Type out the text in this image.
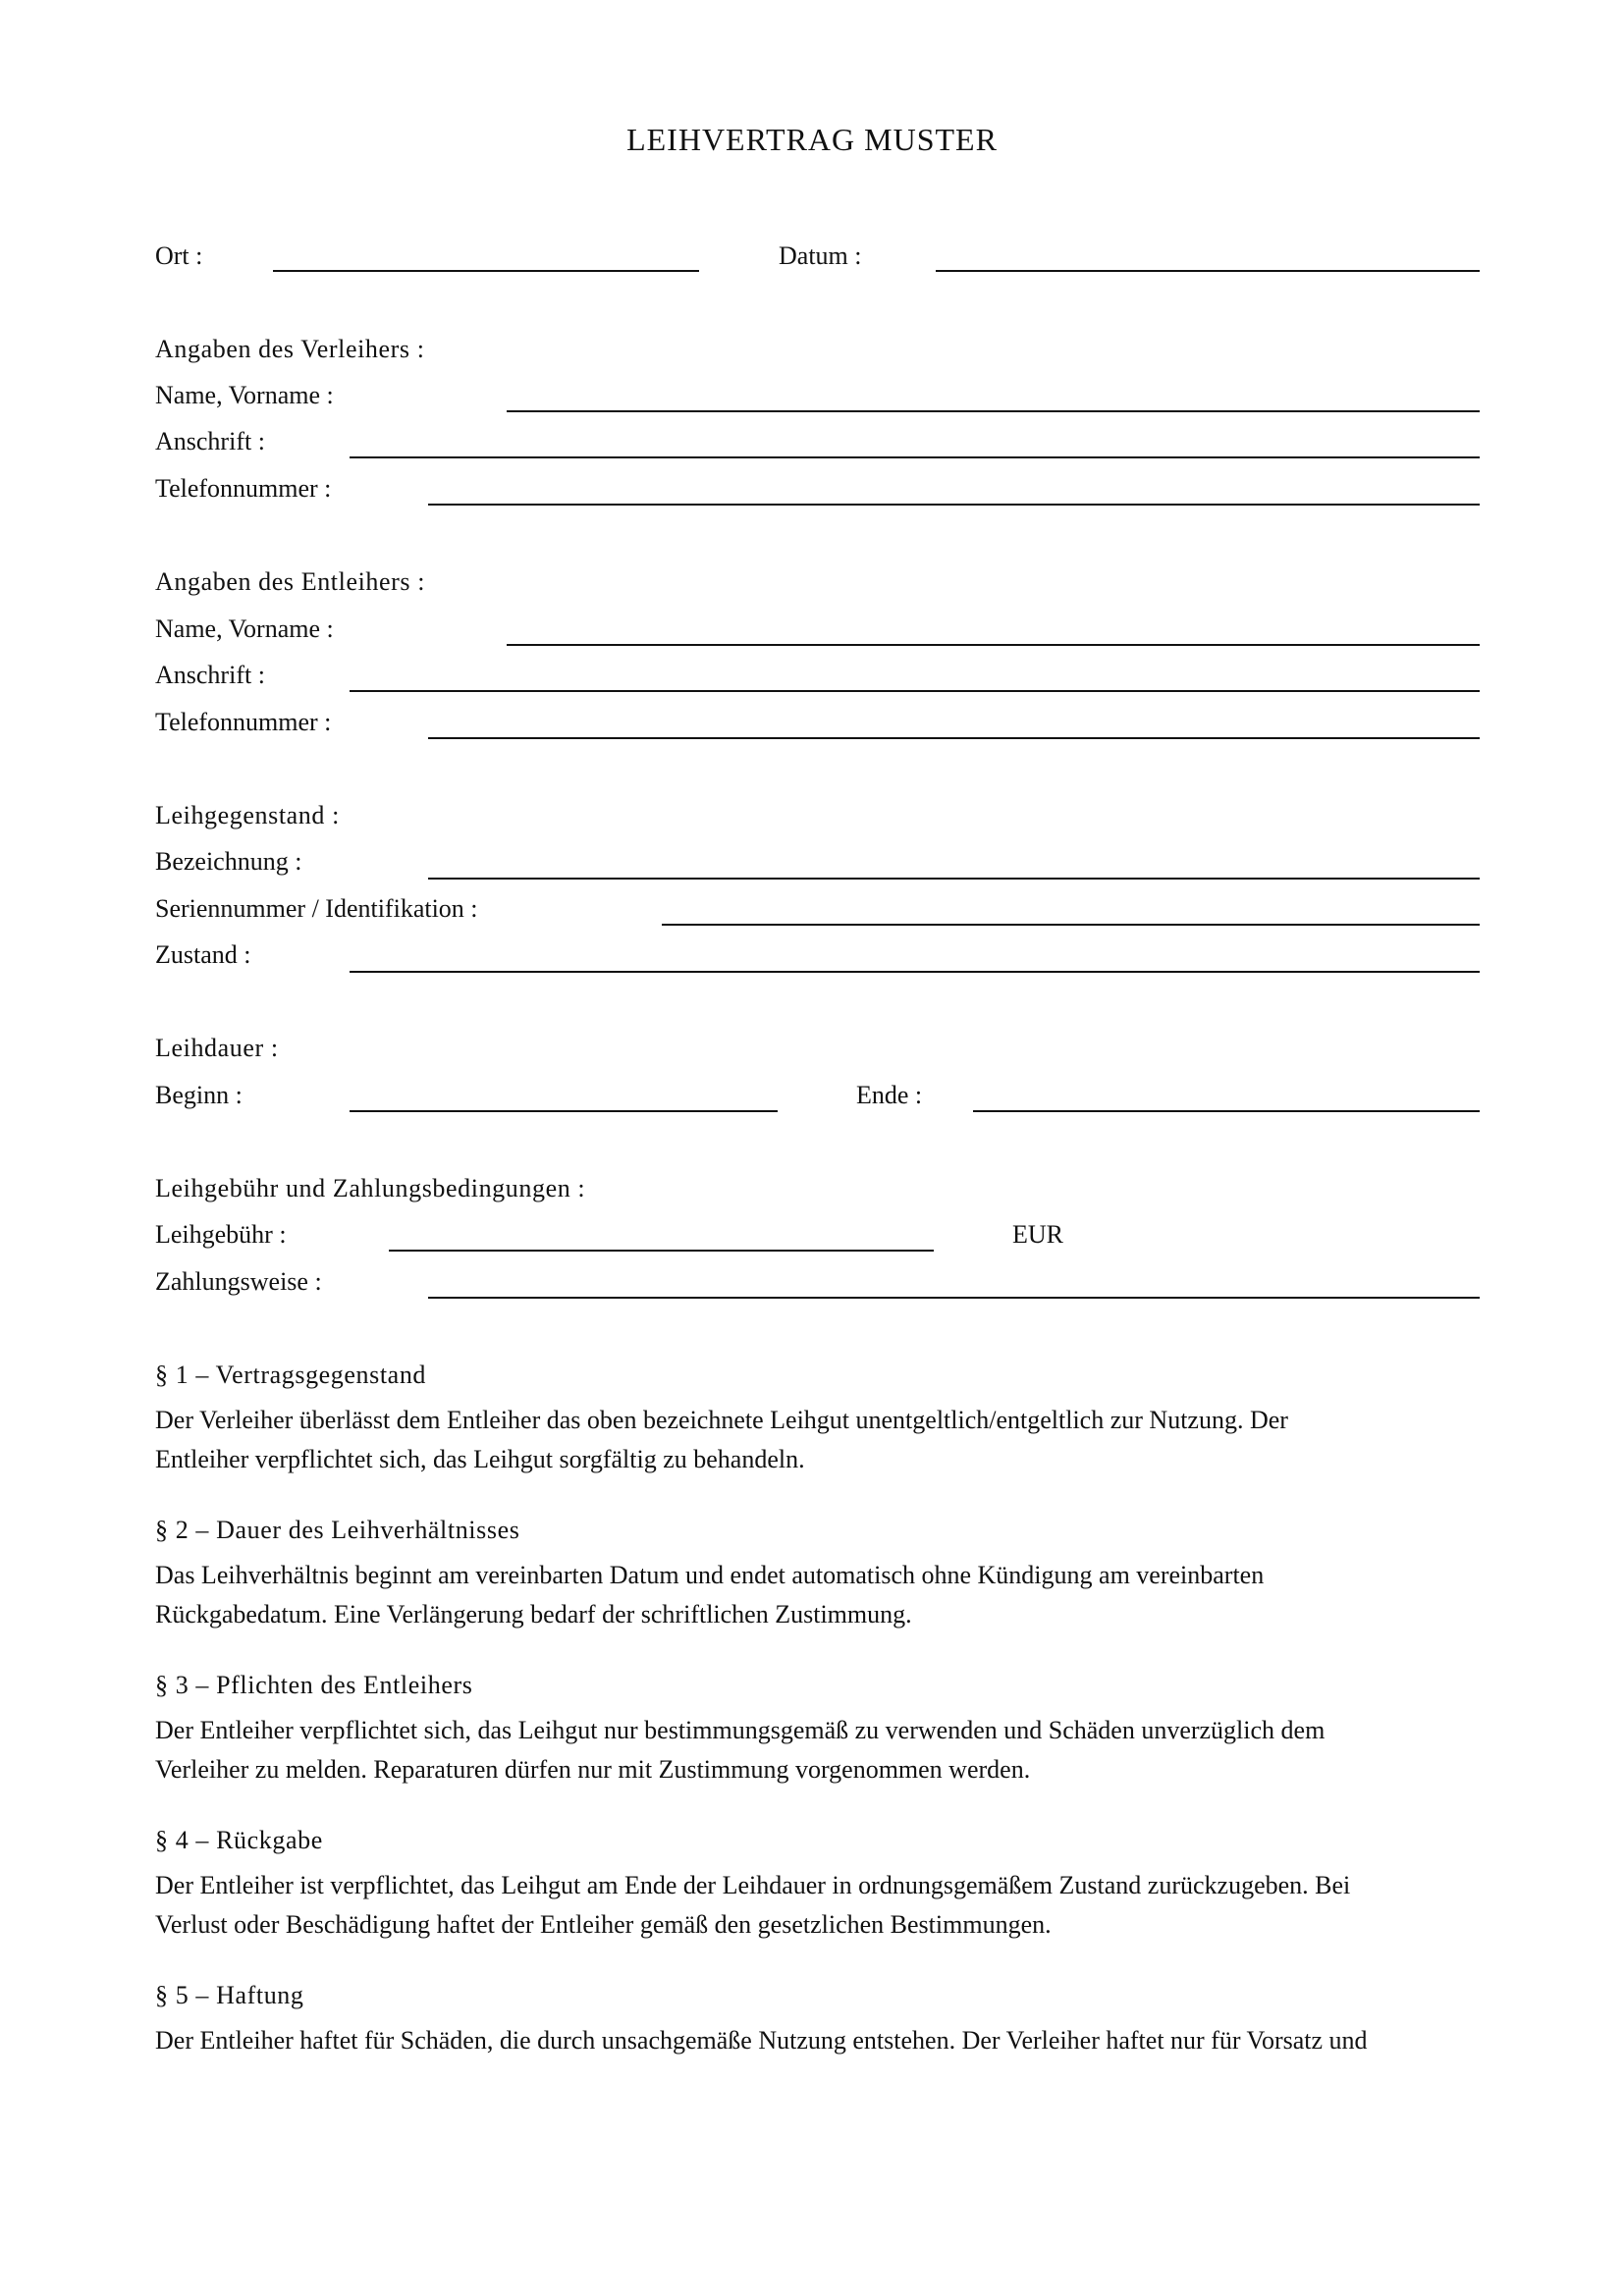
LEIHVERTRAG MUSTER
Ort :	Datum :
Angaben des Verleihers :
Name, Vorname :
Anschrift :
Telefonnummer :
Angaben des Entleihers :
Name, Vorname :
Anschrift :
Telefonnummer :
Leihgegenstand :
Bezeichnung :
Seriennummer / Identifikation :
Zustand :
Leihdauer :
Beginn :	Ende :
Leihgebühr und Zahlungsbedingungen :
Leihgebühr :	EUR
Zahlungsweise :
§ 1 – Vertragsgegenstand
Der Verleiher überlässt dem Entleiher das oben bezeichnete Leihgut unentgeltlich/entgeltlich zur Nutzung. Der
Entleiher verpflichtet sich, das Leihgut sorgfältig zu behandeln.
§ 2 – Dauer des Leihverhältnisses
Das Leihverhältnis beginnt am vereinbarten Datum und endet automatisch ohne Kündigung am vereinbarten
Rückgabedatum. Eine Verlängerung bedarf der schriftlichen Zustimmung.
§ 3 – Pflichten des Entleihers
Der Entleiher verpflichtet sich, das Leihgut nur bestimmungsgemäß zu verwenden und Schäden unverzüglich dem
Verleiher zu melden. Reparaturen dürfen nur mit Zustimmung vorgenommen werden.
§ 4 – Rückgabe
Der Entleiher ist verpflichtet, das Leihgut am Ende der Leihdauer in ordnungsgemäßem Zustand zurückzugeben. Bei
Verlust oder Beschädigung haftet der Entleiher gemäß den gesetzlichen Bestimmungen.
§ 5 – Haftung
Der Entleiher haftet für Schäden, die durch unsachgemäße Nutzung entstehen. Der Verleiher haftet nur für Vorsatz und
